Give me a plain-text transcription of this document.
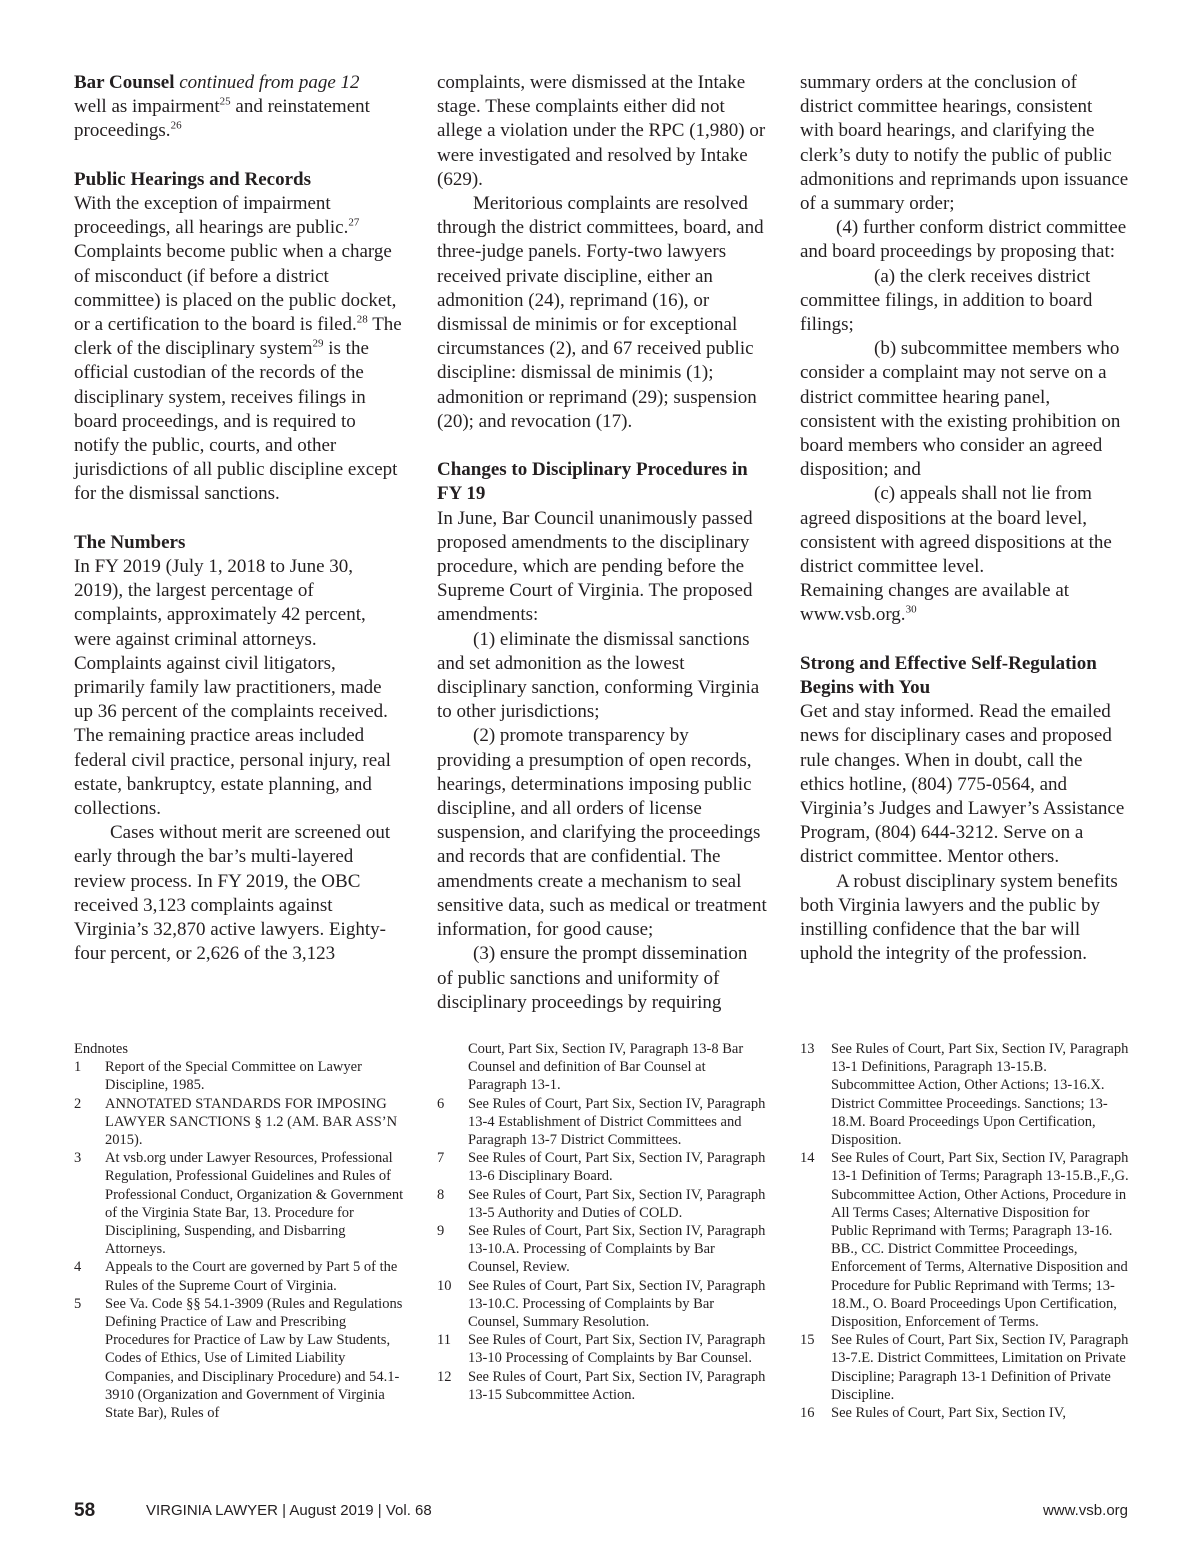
Bar Counsel continued from page 12

well as impairment$^{25}$ and reinstatement proceedings.$^{26}$

Public Hearings and Records

With the exception of impairment proceedings, all hearings are public.$^{27}$ Complaints become public when a charge of misconduct (if before a district committee) is placed on the public docket, or a certification to the board is filed.$^{28}$ The clerk of the disciplinary system$^{29}$ is the official custodian of the records of the disciplinary system, receives filings in board proceedings, and is required to notify the public, courts, and other jurisdictions of all public discipline except for the dismissal sanctions.

The Numbers

In FY 2019 (July 1, 2018 to June 30, 2019), the largest percentage of complaints, approximately 42 percent, were against criminal attorneys. Complaints against civil litigators, primarily family law practitioners, made up 36 percent of the complaints received. The remaining practice areas included federal civil practice, personal injury, real estate, bankruptcy, estate planning, and collections.

Cases without merit are screened out early through the bar’s multi-layered review process. In FY 2019, the OBC received 3,123 complaints against Virginia’s 32,870 active lawyers. Eighty-four percent, or 2,626 of the 3,123

complaints, were dismissed at the Intake stage. These complaints either did not allege a violation under the RPC (1,980) or were investigated and resolved by Intake (629).

Meritorious complaints are resolved through the district committees, board, and three-judge panels. Forty-two lawyers received private discipline, either an admonition (24), reprimand (16), or dismissal de minimis or for exceptional circumstances (2), and 67 received public discipline: dismissal de minimis (1); admonition or reprimand (29); suspension (20); and revocation (17).

Changes to Disciplinary Procedures in FY 19

In June, Bar Council unanimously passed proposed amendments to the disciplinary procedure, which are pending before the Supreme Court of Virginia. The proposed amendments:

(1) eliminate the dismissal sanctions and set admonition as the lowest disciplinary sanction, conforming Virginia to other jurisdictions;

(2) promote transparency by providing a presumption of open records, hearings, determinations imposing public discipline, and all orders of license suspension, and clarifying the proceedings and records that are confidential. The amendments create a mechanism to seal sensitive data, such as medical or treatment information, for good cause;

(3) ensure the prompt dissemination of public sanctions and uniformity of disciplinary proceedings by requiring

summary orders at the conclusion of district committee hearings, consistent with board hearings, and clarifying the clerk’s duty to notify the public of public admonitions and reprimands upon issuance of a summary order;

(4) further conform district committee and board proceedings by proposing that:

(a) the clerk receives district committee filings, in addition to board filings;

(b) subcommittee members who consider a complaint may not serve on a district committee hearing panel, consistent with the existing prohibition on board members who consider an agreed disposition; and

(c) appeals shall not lie from agreed dispositions at the board level, consistent with agreed dispositions at the district committee level.

Remaining changes are available at www.vsb.org.$^{30}$

Strong and Effective Self-Regulation Begins with You

Get and stay informed. Read the emailed news for disciplinary cases and proposed rule changes. When in doubt, call the ethics hotline, (804) 775-0564, and Virginia’s Judges and Lawyer’s Assistance Program, (804) 644-3212. Serve on a district committee. Mentor others.

A robust disciplinary system benefits both Virginia lawyers and the public by instilling confidence that the bar will uphold the integrity of the profession.

Endnotes
1	Report of the Special Committee on Lawyer Discipline, 1985.
2	ANNOTATED STANDARDS FOR IMPOSING LAWYER SANCTIONS § 1.2 (AM. BAR ASS’N 2015).
3	At vsb.org under Lawyer Resources, Professional Regulation, Professional Guidelines and Rules of Professional Conduct, Organization & Government of the Virginia State Bar, 13. Procedure for Disciplining, Suspending, and Disbarring Attorneys.
4	Appeals to the Court are governed by Part 5 of the Rules of the Supreme Court of Virginia.
5	See Va. Code §§ 54.1-3909 (Rules and Regulations Defining Practice of Law and Prescribing Procedures for Practice of Law by Law Students, Codes of Ethics, Use of Limited Liability Companies, and Disciplinary Procedure) and 54.1-3910 (Organization and Government of Virginia State Bar), Rules of
Court, Part Six, Section IV, Paragraph 13-8 Bar Counsel and definition of Bar Counsel at Paragraph 13-1.
6	See Rules of Court, Part Six, Section IV, Paragraph 13-4 Establishment of District Committees and Paragraph 13-7 District Committees.
7	See Rules of Court, Part Six, Section IV, Paragraph 13-6 Disciplinary Board.
8	See Rules of Court, Part Six, Section IV, Paragraph 13-5 Authority and Duties of COLD.
9	See Rules of Court, Part Six, Section IV, Paragraph 13-10.A. Processing of Complaints by Bar Counsel, Review.
10	See Rules of Court, Part Six, Section IV, Paragraph 13-10.C. Processing of Complaints by Bar Counsel, Summary Resolution.
11	See Rules of Court, Part Six, Section IV, Paragraph 13-10 Processing of Complaints by Bar Counsel.
12	See Rules of Court, Part Six, Section IV, Paragraph 13-15 Subcommittee Action.
13	See Rules of Court, Part Six, Section IV, Paragraph 13-1 Definitions, Paragraph 13-15.B. Subcommittee Action, Other Actions; 13-16.X. District Committee Proceedings. Sanctions; 13-18.M. Board Proceedings Upon Certification, Disposition.
14	See Rules of Court, Part Six, Section IV, Paragraph 13-1 Definition of Terms; Paragraph 13-15.B.,F.,G. Subcommittee Action, Other Actions, Procedure in All Terms Cases; Alternative Disposition for Public Reprimand with Terms; Paragraph 13-16. BB., CC. District Committee Proceedings, Enforcement of Terms, Alternative Disposition and Procedure for Public Reprimand with Terms; 13-18.M., O. Board Proceedings Upon Certification, Disposition, Enforcement of Terms.
15	See Rules of Court, Part Six, Section IV, Paragraph 13-7.E. District Committees, Limitation on Private Discipline; Paragraph 13-1 Definition of Private Discipline.
16	See Rules of Court, Part Six, Section IV,
58	VIRGINIA LAWYER | August 2019 | Vol. 68	www.vsb.org
